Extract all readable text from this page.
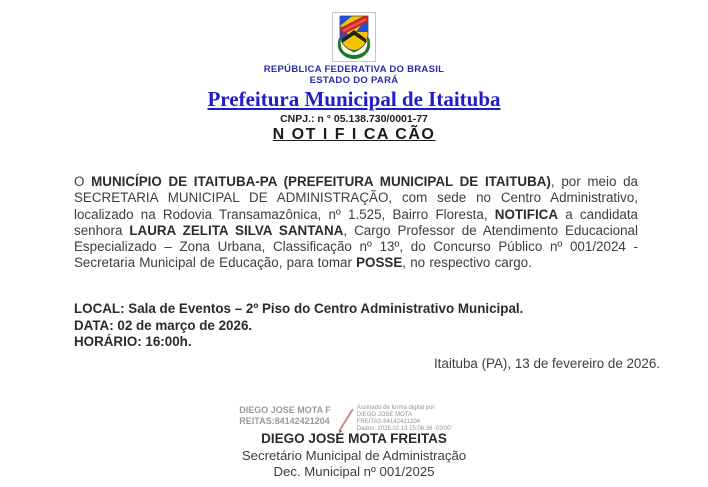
REPÚBLICA FEDERATIVA DO BRASIL
ESTADO DO PARÁ
Prefeitura Municipal de Itaituba
CNPJ.: n ° 05.138.730/0001-77
N OT I F I CA CÃO
O MUNICÍPIO DE ITAITUBA-PA (PREFEITURA MUNICIPAL DE ITAITUBA), por meio da SECRETARIA MUNICIPAL DE ADMINISTRAÇÃO, com sede no Centro Administrativo, localizado na Rodovia Transamazônica, nº 1.525, Bairro Floresta, NOTIFICA a candidata senhora LAURA ZELITA SILVA SANTANA, Cargo Professor de Atendimento Educacional Especializado – Zona Urbana, Classificação nº 13º, do Concurso Público nº 001/2024 - Secretaria Municipal de Educação, para tomar POSSE, no respectivo cargo.
LOCAL: Sala de Eventos – 2º Piso do Centro Administrativo Municipal.
DATA: 02 de março de 2026.
HORÁRIO: 16:00h.
Itaituba (PA), 13 de fevereiro de 2026.
DIEGO JOSE MOTA FREITAS:84142421204
Assinado de forma digital por
DIEGO JOSE MOTA
FREITAS:84142421204
Dados: 2026.02.13 15:06:36 -03'00'
DIEGO JOSÉ MOTA FREITAS
Secretário Municipal de Administração
Dec. Municipal nº 001/2025
